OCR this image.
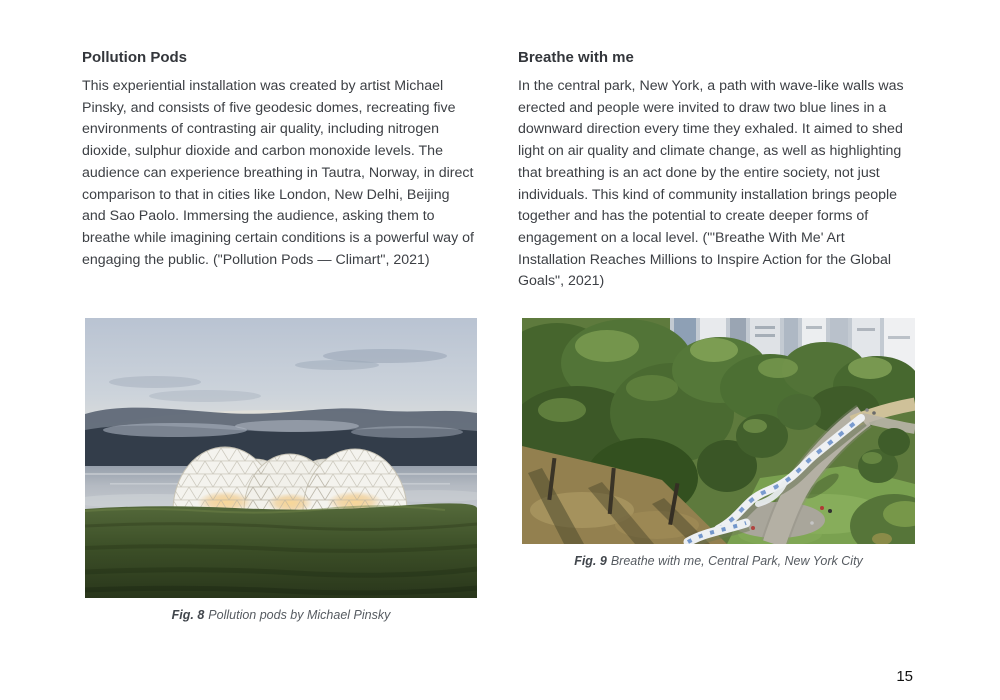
Pollution Pods

This experiential installation was created by artist Michael Pinsky, and consists of five geodesic domes, recreating five environments of contrasting air quality, including nitrogen dioxide, sulphur dioxide and carbon monoxide levels. The audience can experience breathing in Tautra, Norway, in direct comparison to that in cities like London, New Delhi, Beijing and Sao Paolo. Immersing the audience, asking them to breathe while imagining certain conditions is a powerful way of engaging the public. ("Pollution Pods — Climart", 2021)

Breathe with me

In the central park, New York, a path with wave-like walls was erected and people were invited to draw two blue lines in a downward direction every time they exhaled. It aimed to shed light on air quality and climate change, as well as highlighting that breathing is an act done by the entire society, not just individuals. This kind of community installation brings people together and has the potential to create deeper forms of engagement on a local level. ("'Breathe With Me' Art Installation Reaches Millions to Inspire Action for the Global Goals", 2021)

Fig. 8 Pollution pods by Michael Pinsky
Fig. 9 Breathe with me, Central Park, New York City
15
